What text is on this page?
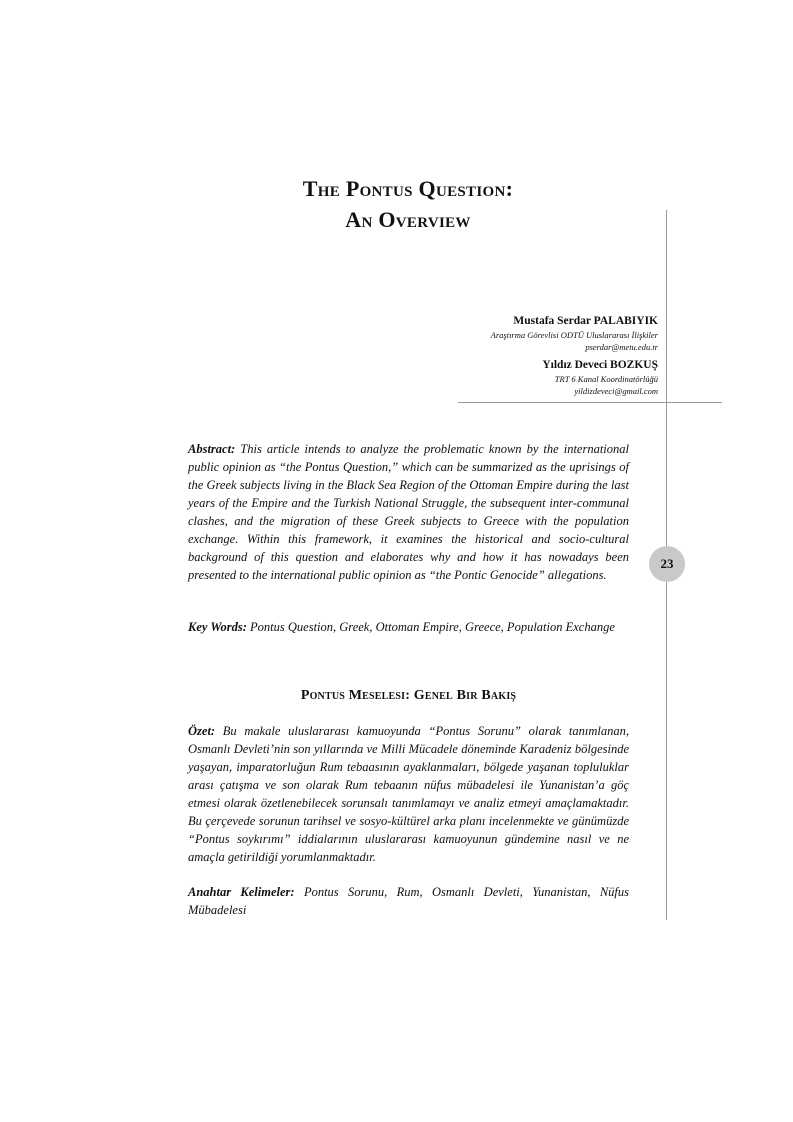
The Pontus Question:
An Overview
Mustafa Serdar PALABIYIK
Araştırma Görevlisi ODTÜ Uluslararası İlişkiler
pserdar@metu.edu.tr
Yıldız Deveci BOZKUŞ
TRT 6 Kanal Koordinatörlüğü
yildizdeveci@gmail.com
23
Abstract: This article intends to analyze the problematic known by the international public opinion as “the Pontus Question,” which can be summarized as the uprisings of the Greek subjects living in the Black Sea Region of the Ottoman Empire during the last years of the Empire and the Turkish National Struggle, the subsequent inter-communal clashes, and the migration of these Greek subjects to Greece with the population exchange. Within this framework, it examines the historical and socio-cultural background of this question and elaborates why and how it has nowadays been presented to the international public opinion as “the Pontic Genocide” allegations.
Key Words: Pontus Question, Greek, Ottoman Empire, Greece, Population Exchange
Pontus Meselesi: Genel Bir Bakış
Özet: Bu makale uluslararası kamuoyunda “Pontus Sorunu” olarak tanımlanan, Osmanlı Devleti’nin son yıllarında ve Milli Mücadele döneminde Karadeniz bölgesinde yaşayan, imparatorluğun Rum tebaasının ayaklanmaları, bölgede yaşanan topluluklar arası çatışma ve son olarak Rum tebaanın nüfus mübadelesi ile Yunanistan’a göç etmesi olarak özetlenebilecek sorunsalı tanımlamayı ve analiz etmeyi amaçlamaktadır. Bu çerçevede sorunun tarihsel ve sosyo-kültürel arka planı incelenmekte ve günümüzde “Pontus soykırımı” iddialarının uluslararası kamuoyunun gündemine nasıl ve ne amaçla getirildiği yorumlanmaktadır.
Anahtar Kelimeler: Pontus Sorunu, Rum, Osmanlı Devleti, Yunanistan, Nüfus Mübadelesi
